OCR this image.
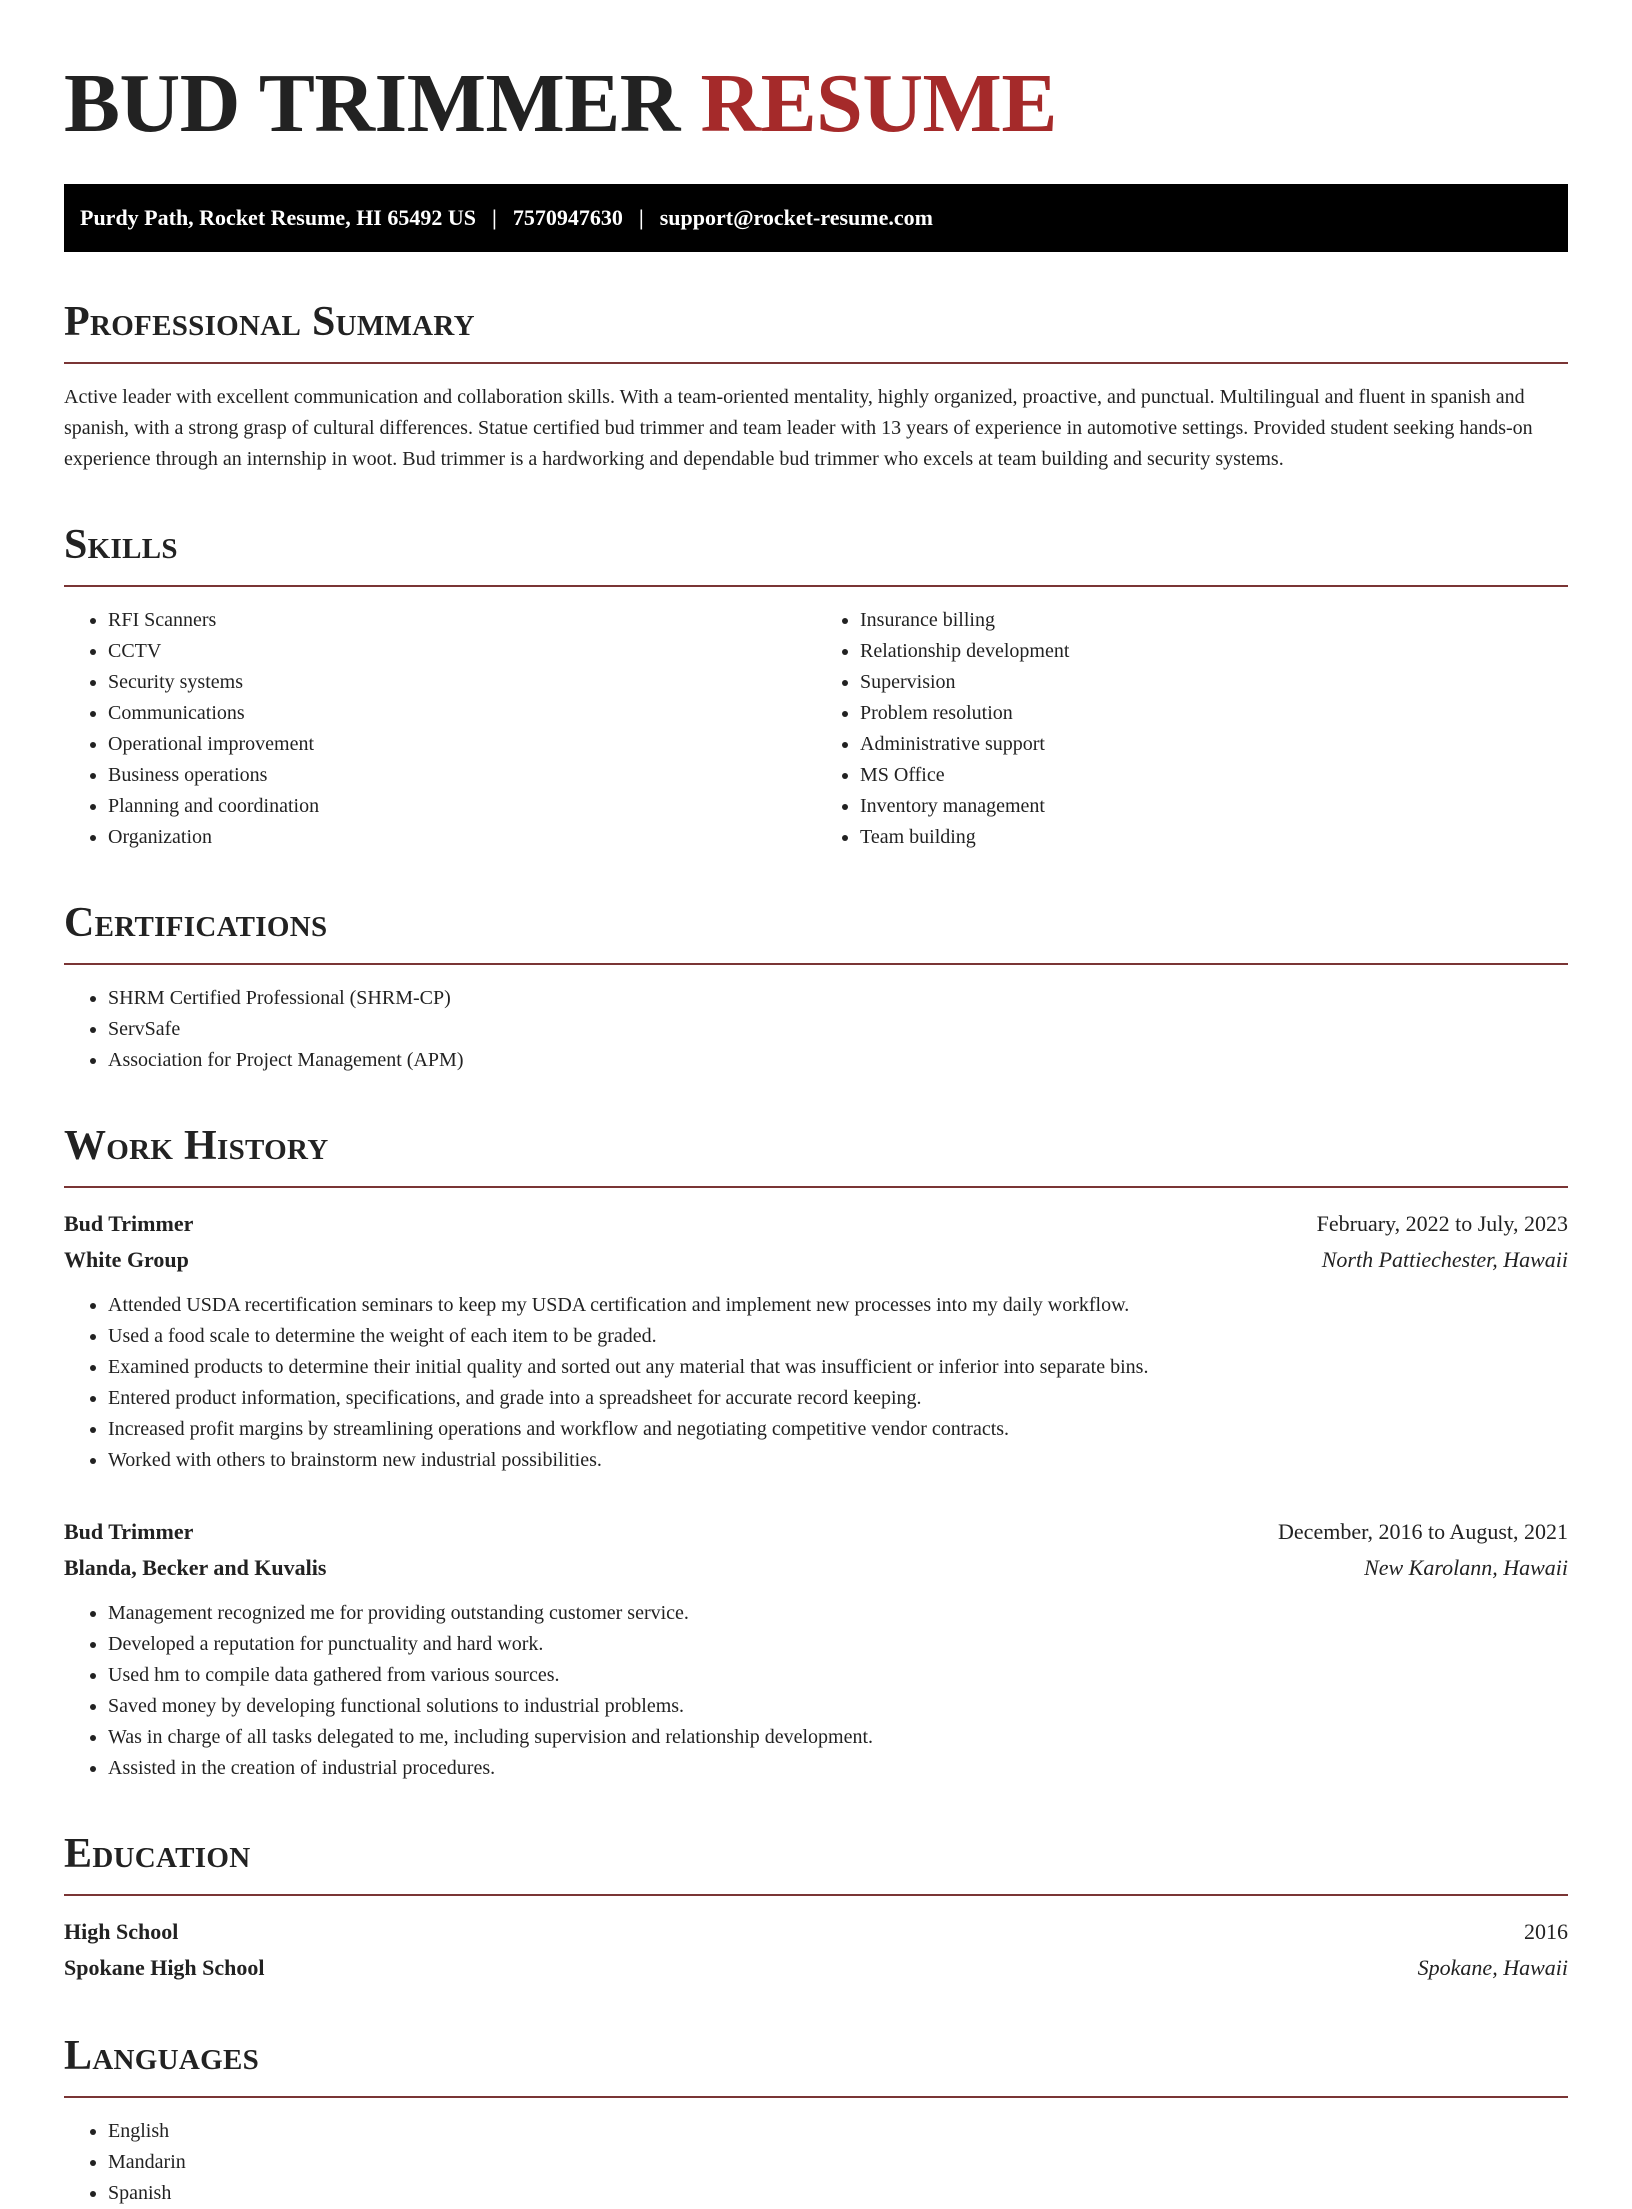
BUD TRIMMER RESUME
Purdy Path, Rocket Resume, HI 65492 US | 7570947630 | support@rocket-resume.com
Professional Summary

Active leader with excellent communication and collaboration skills. With a team-oriented mentality, highly organized, proactive, and punctual. Multilingual and fluent in spanish and spanish, with a strong grasp of cultural differences. Statue certified bud trimmer and team leader with 13 years of experience in automotive settings. Provided student seeking hands-on experience through an internship in woot. Bud trimmer is a hardworking and dependable bud trimmer who excels at team building and security systems.

Skills
• RFI Scanners
• CCTV
• Security systems
• Communications
• Operational improvement
• Business operations
• Planning and coordination
• Organization
• Insurance billing
• Relationship development
• Supervision
• Problem resolution
• Administrative support
• MS Office
• Inventory management
• Team building
Certifications
• SHRM Certified Professional (SHRM-CP)
• ServSafe
• Association for Project Management (APM)
Work History
Bud Trimmer	February, 2022 to July, 2023
White Group	North Pattiechester, Hawaii
• Attended USDA recertification seminars to keep my USDA certification and implement new processes into my daily workflow.
• Used a food scale to determine the weight of each item to be graded.
• Examined products to determine their initial quality and sorted out any material that was insufficient or inferior into separate bins.
• Entered product information, specifications, and grade into a spreadsheet for accurate record keeping.
• Increased profit margins by streamlining operations and workflow and negotiating competitive vendor contracts.
• Worked with others to brainstorm new industrial possibilities.
Bud Trimmer	December, 2016 to August, 2021
Blanda, Becker and Kuvalis	New Karolann, Hawaii
• Management recognized me for providing outstanding customer service.
• Developed a reputation for punctuality and hard work.
• Used hm to compile data gathered from various sources.
• Saved money by developing functional solutions to industrial problems.
• Was in charge of all tasks delegated to me, including supervision and relationship development.
• Assisted in the creation of industrial procedures.
Education
High School	2016
Spokane High School	Spokane, Hawaii
Languages
• English
• Mandarin
• Spanish
